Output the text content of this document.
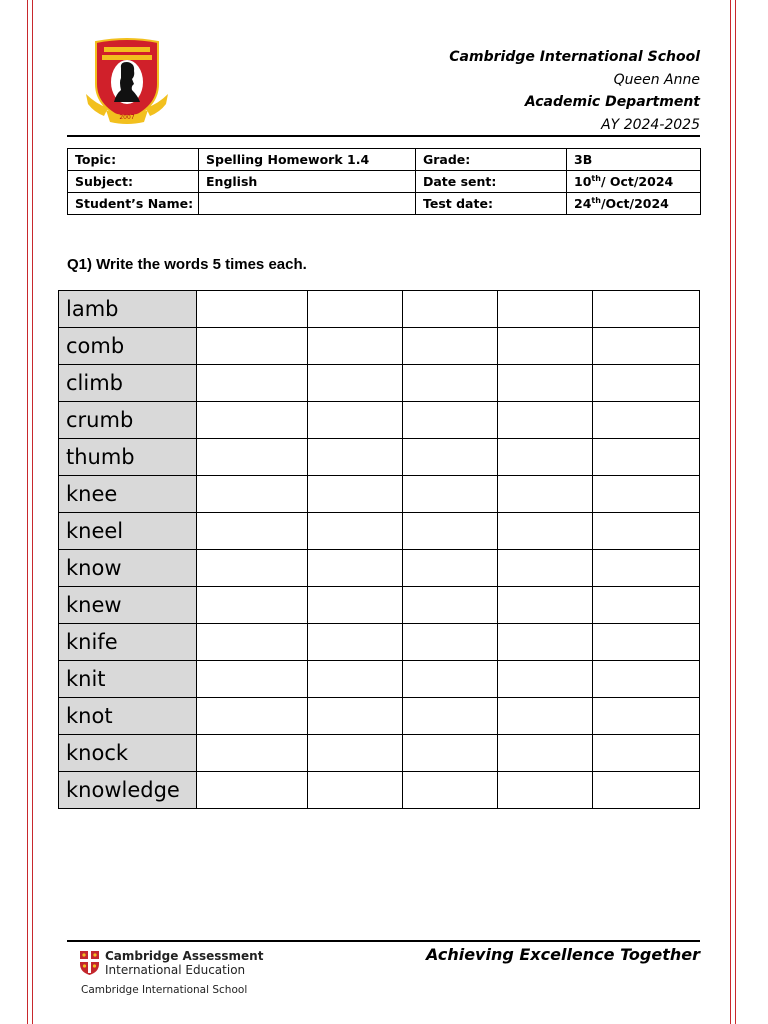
2007
Cambridge International School
Queen Anne
Academic Department
AY 2024-2025
Topic:	Spelling Homework 1.4	Grade:	3B
Subject:	English	Date sent:	10th/ Oct/2024
Student’s Name:		Test date:	24th/Oct/2024
Q1) Write the words 5 times each.
lamb					
comb					
climb					
crumb					
thumb					
knee					
kneel					
know					
knew					
knife					
knit					
knot					
knock					
knowledge					
Cambridge Assessment
International Education
Cambridge International School
Achieving Excellence Together
